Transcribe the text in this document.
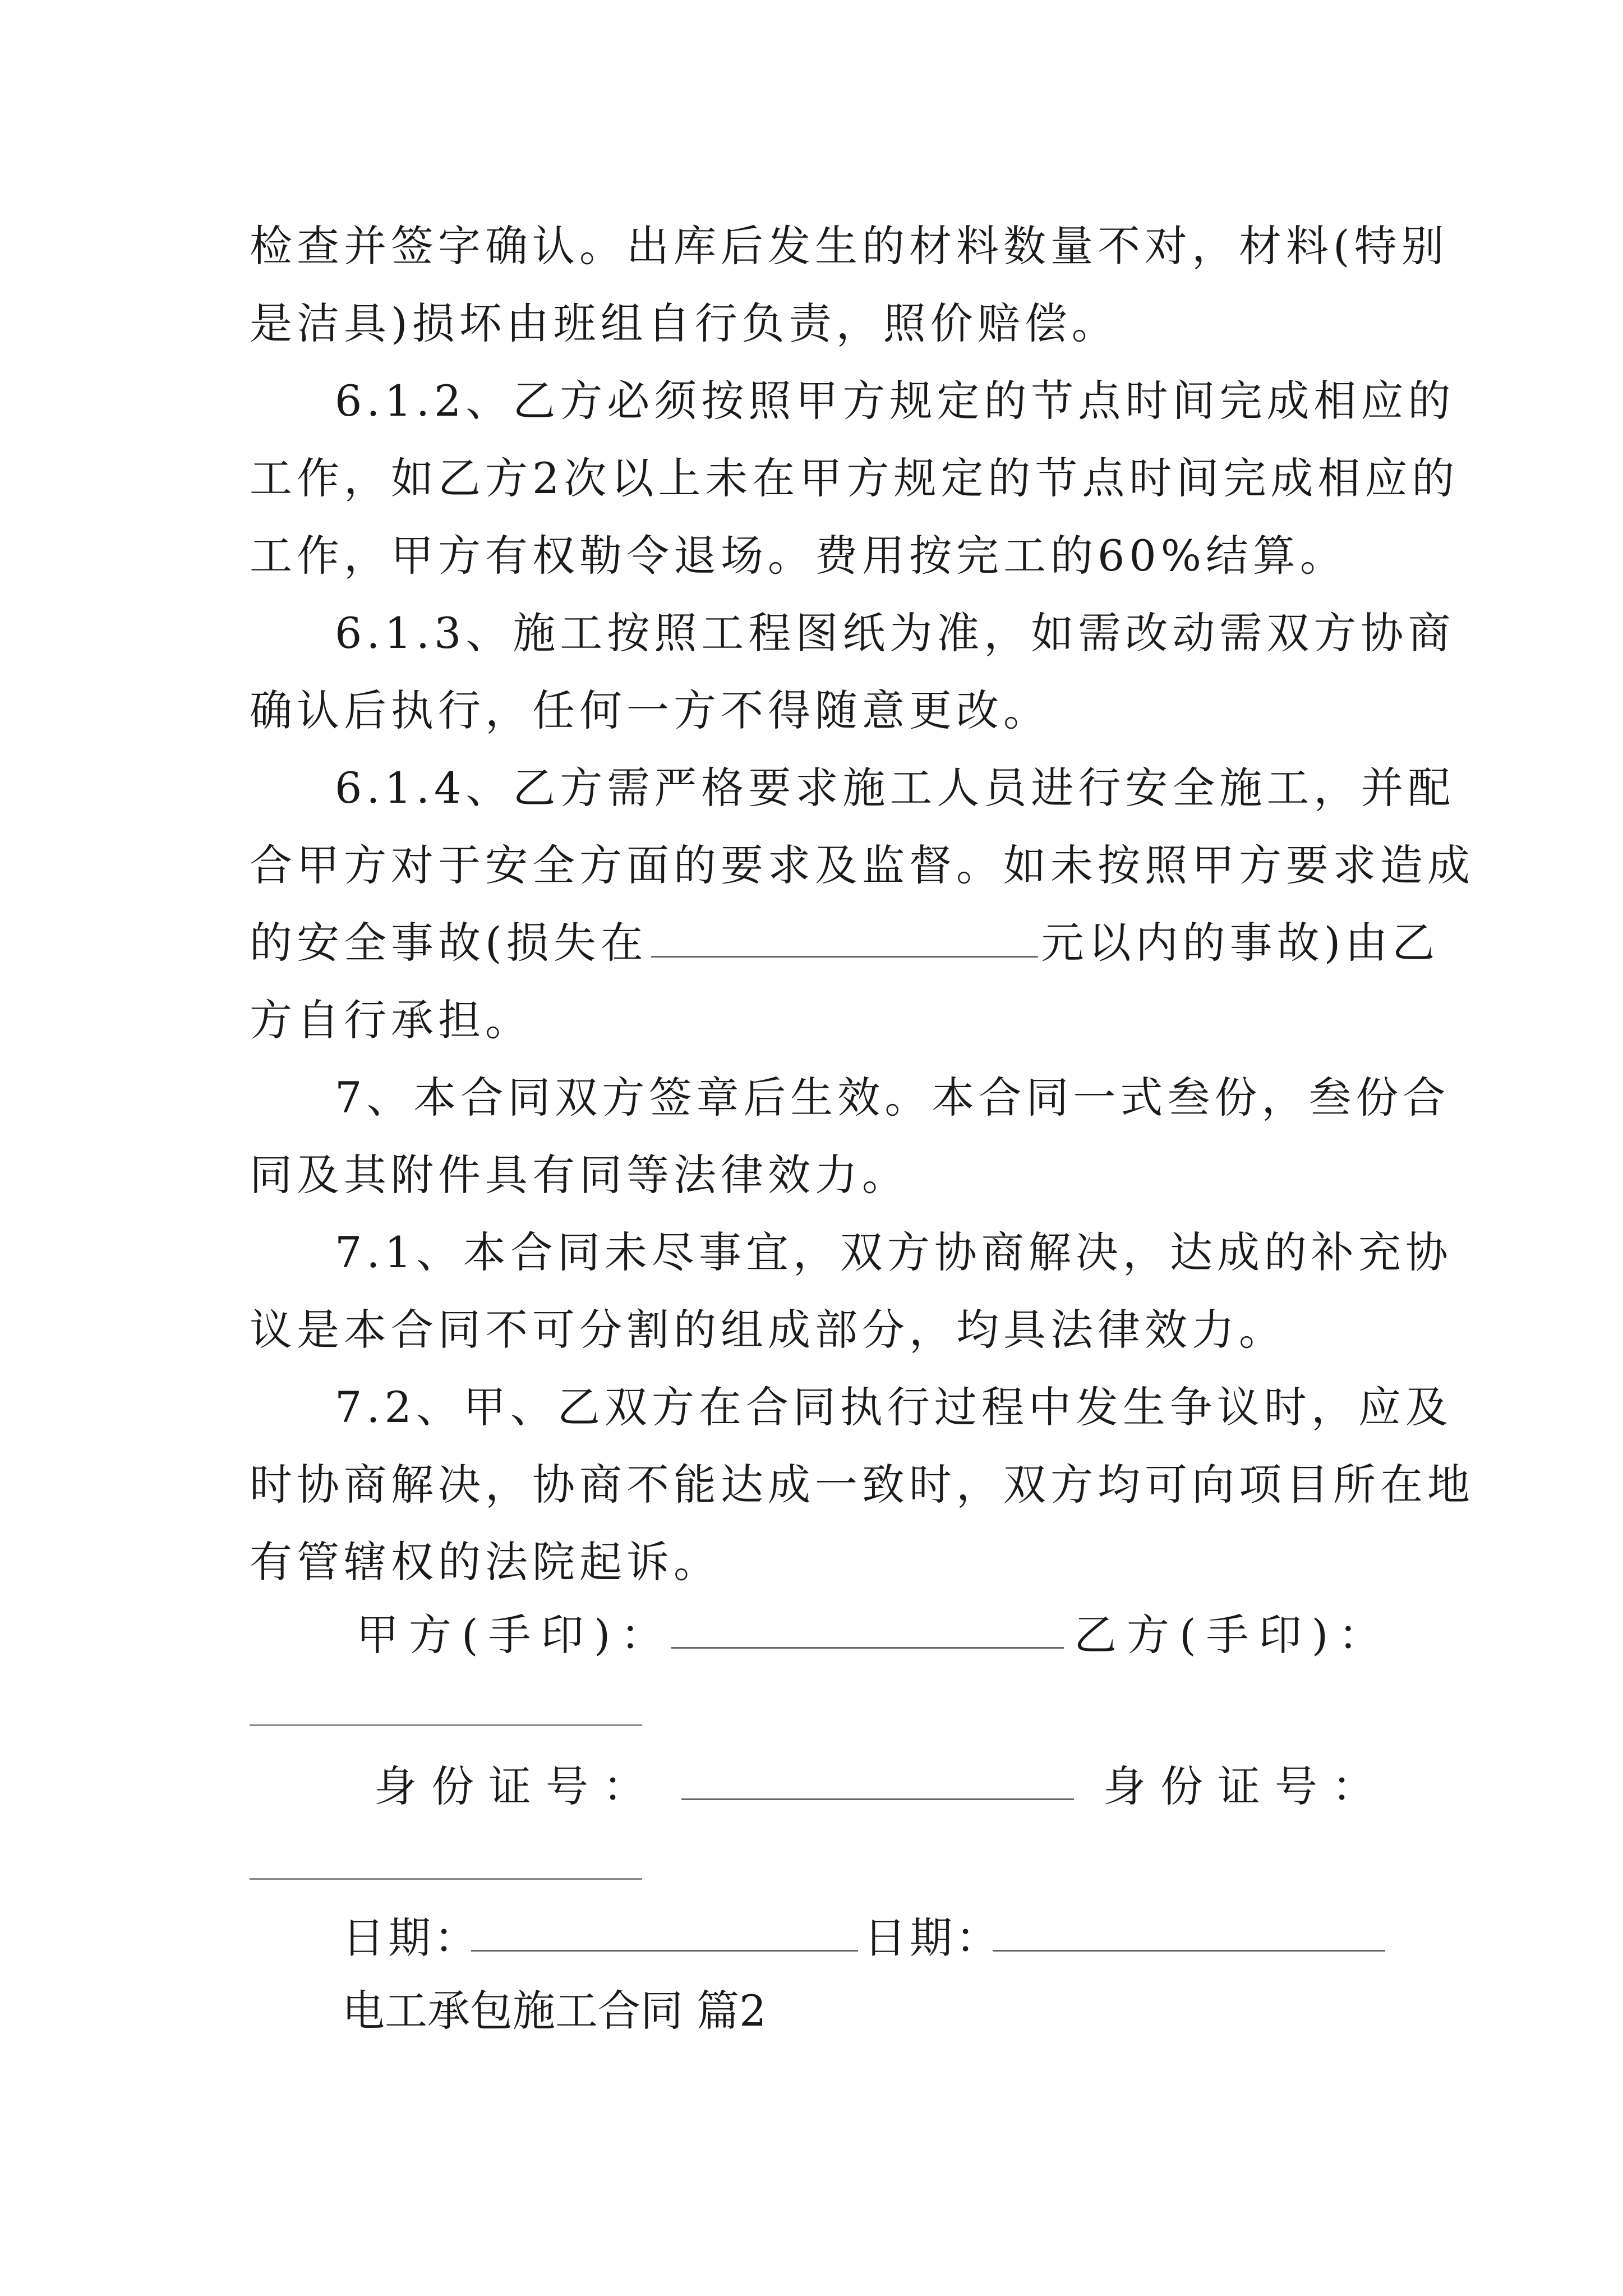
检查并签字确认。出库后发生的材料数量不对，材料(特别
是洁具)损坏由班组自行负责，照价赔偿。
6.1.2、乙方必须按照甲方规定的节点时间完成相应的
工作，如乙方2次以上未在甲方规定的节点时间完成相应的
工作，甲方有权勒令退场。费用按完工的60%结算。
6.1.3、施工按照工程图纸为准，如需改动需双方协商
确认后执行，任何一方不得随意更改。
6.1.4、乙方需严格要求施工人员进行安全施工，并配
合甲方对于安全方面的要求及监督。如未按照甲方要求造成
的安全事故(损失在	元以内的事故)由乙
方自行承担。
7、本合同双方签章后生效。本合同一式叁份，叁份合
同及其附件具有同等法律效力。
7.1、本合同未尽事宜，双方协商解决，达成的补充协
议是本合同不可分割的组成部分，均具法律效力。
7.2、甲、乙双方在合同执行过程中发生争议时，应及
时协商解决，协商不能达成一致时，双方均可向项目所在地
有管辖权的法院起诉。
甲方(手印)：	乙方(手印)：
身份证号：	身份证号：
日期：	日期：
电工承包施工合同 篇2
